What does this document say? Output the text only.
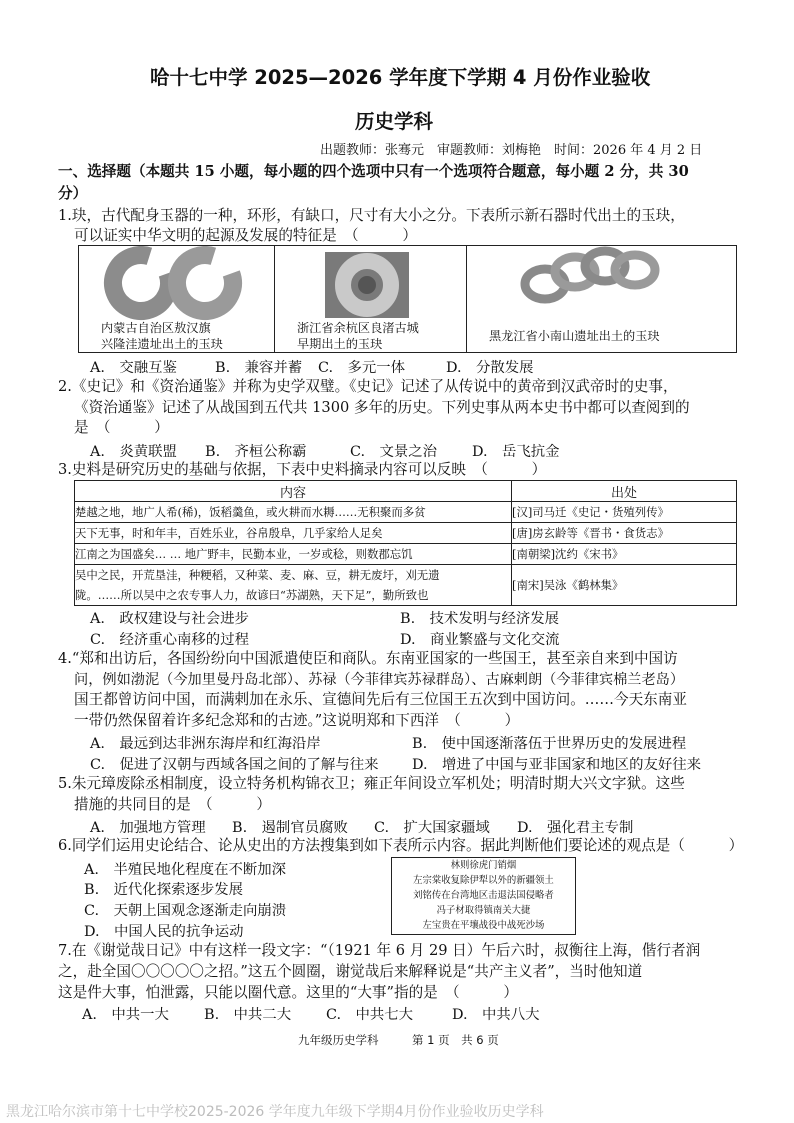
哈十七中学 2025—2026 学年度下学期 4 月份作业验收
历史学科
出题教师：张骞元　审题教师：刘梅艳　时间：2026 年 4 月 2 日
一、选择题（本题共 15 小题，每小题的四个选项中只有一个选项符合题意，每小题 2 分，共 30
分）
1.玦，古代配身玉器的一种，环形，有缺口，尺寸有大小之分。下表所示新石器时代出土的玉玦，
可以证实中华文明的起源及发展的特征是　（　　　）
内蒙古自治区敖汉旗
兴隆洼遗址出土的玉玦

浙江省余杭区良渚古城
早期出土的玉玦

黑龙江省小南山遗址出土的玉玦
A.　交融互鉴	B.　兼容并蓄 C.　多元一体	D.　分散发展
2.《史记》和《资治通鉴》并称为史学双璧。《史记》记述了从传说中的黄帝到汉武帝时的史事，
《资治通鉴》记述了从战国到五代共 1300 多年的历史。下列史事从两本史书中都可以查阅到的
是　（　　　）
A.　炎黄联盟 B.　齐桓公称霸	C.　文景之治 D.　岳飞抗金
3.史料是研究历史的基础与依据，下表中史料摘录内容可以反映　（　　　）
内容	出处
楚越之地，地广人希(稀)，饭稻羹鱼，或火耕而水耨……无积聚而多贫	[汉]司马迁《史记・货殖列传》
天下无事，时和年丰，百姓乐业，谷帛殷阜，几乎家给人足矣	[唐]房玄龄等《晋书・食货志》
江南之为国盛矣… … 地广野丰，民勤本业，一岁或稔，则数郡忘饥	[南朝梁]沈约《宋书》

吴中之民，开荒垦洼，种粳稻，又种菜、麦、麻、豆，耕无废圩，刈无遗
陇。……所以吴中之农专事人力，故谚曰“苏湖熟，天下足”，勤所致也	[南宋]吴泳《鹤林集》
A.　政权建设与社会进步	B.　技术发明与经济发展
C.　经济重心南移的过程	D.　商业繁盛与文化交流
4.“郑和出访后，各国纷纷向中国派遣使臣和商队。东南亚国家的一些国王，甚至亲自来到中国访
问，例如渤泥（今加里曼丹岛北部）、苏禄（今菲律宾苏禄群岛）、古麻剌朗（今菲律宾棉兰老岛）
国王都曾访问中国，而满剌加在永乐、宣德间先后有三位国王五次到中国访问。……今天东南亚
一带仍然保留着许多纪念郑和的古迹。”这说明郑和下西洋　（　　　）
A.　最远到达非洲东海岸和红海沿岸	B.　使中国逐渐落伍于世界历史的发展进程
C.　促进了汉朝与西域各国之间的了解与往来 D.　增进了中国与亚非国家和地区的友好往来
5.朱元璋废除丞相制度，设立特务机构锦衣卫；雍正年间设立军机处；明清时期大兴文字狱。这些
措施的共同目的是　（　　　）
A.　加强地方管理 B.　遏制官员腐败 C.　扩大国家疆域 D.　强化君主专制
6.同学们运用史论结合、论从史出的方法搜集到如下表所示内容。据此判断他们要论述的观点是（　　　）
A.　半殖民地化程度在不断加深
B.　近代化探索逐步发展
C.　天朝上国观念逐渐走向崩溃
D.　中国人民的抗争运动
林则徐虎门销烟
左宗棠收复除伊犁以外的新疆领土
刘铭传在台湾地区击退法国侵略者
冯子材取得镇南关大捷
左宝贵在平壤战役中战死沙场
7.在《谢觉哉日记》中有这样一段文字：“（1921 年 6 月 29 日）午后六时，叔衡往上海，偕行者润
之，赴全国〇〇〇〇〇之招。”这五个圆圈，谢觉哉后来解释说是“共产主义者”，当时他知道
这是件大事，怕泄露，只能以圈代意。这里的“大事”指的是　（　　　）
A.　中共一大 B.　中共二大 C.　中共七大	D.　中共八大
九年级历史学科	第 1 页　共 6 页
黑龙江哈尔滨市第十七中学校2025-2026 学年度九年级下学期4月份作业验收历史学科
